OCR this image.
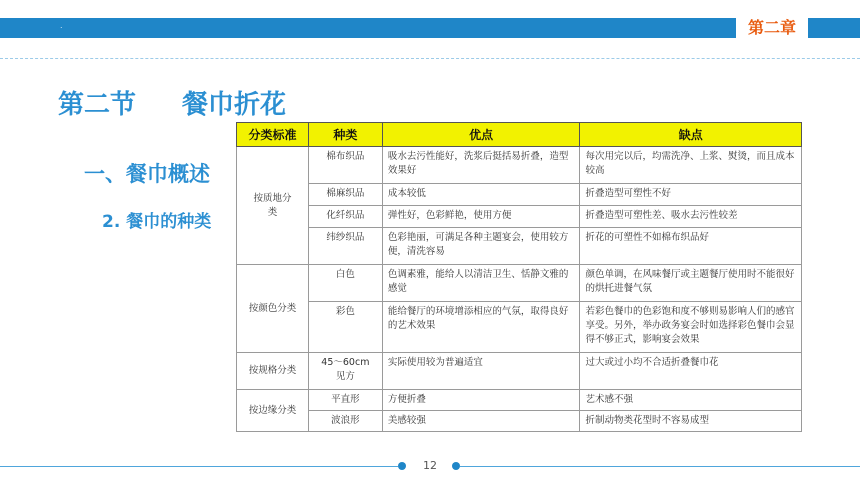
.	第二章
第二节 餐巾折花
一、餐巾概述
2. 餐巾的种类
分类标准	种类	优点	缺点
按质地分类	棉布织品	吸水去污性能好，洗浆后挺括易折叠，造型效果好	每次用完以后，均需洗净、上浆、熨烫，而且成本较高
	棉麻织品	成本较低	折叠造型可塑性不好
	化纤织品	弹性好，色彩鲜艳，使用方便	折叠造型可塑性差、吸水去污性较差
	纬纱织品	色彩艳丽，可满足各种主题宴会，使用较方便，清洗容易	折花的可塑性不如棉布织品好
按颜色分类	白色	色调素雅，能给人以清洁卫生、恬静文雅的感觉	颜色单调，在风味餐厅或主题餐厅使用时不能很好的烘托进餐气氛
	彩色	能给餐厅的环境增添相应的气氛，取得良好的艺术效果	若彩色餐巾的色彩饱和度不够则易影响人们的感官享受。另外，举办政务宴会时如选择彩色餐巾会显得不够正式，影响宴会效果
按规格分类	45～60cm见方	实际使用较为普遍适宜	过大或过小均不合适折叠餐巾花
按边缘分类	平直形	方便折叠	艺术感不强
	波浪形	美感较强	折制动物类花型时不容易成型
12
